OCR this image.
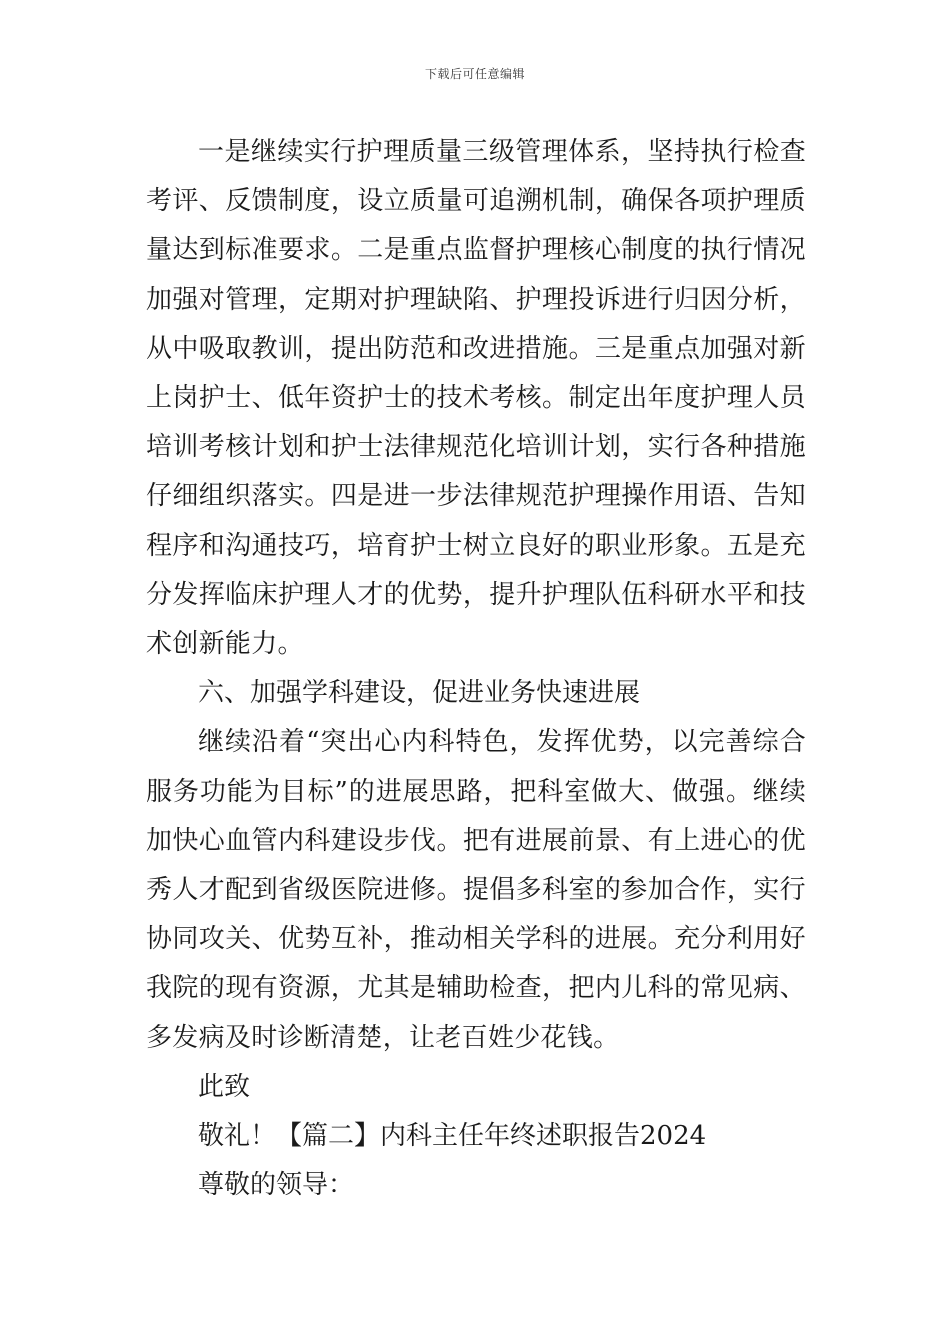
下载后可任意编辑

一是继续实行护理质量三级管理体系，坚持执行检查考评、反馈制度，设立质量可追溯机制，确保各项护理质量达到标准要求。二是重点监督护理核心制度的执行情况加强对管理，定期对护理缺陷、护理投诉进行归因分析，从中吸取教训，提出防范和改进措施。三是重点加强对新上岗护士、低年资护士的技术考核。制定出年度护理人员培训考核计划和护士法律规范化培训计划，实行各种措施仔细组织落实。四是进一步法律规范护理操作用语、告知程序和沟通技巧，培育护士树立良好的职业形象。五是充分发挥临床护理人才的优势，提升护理队伍科研水平和技术创新能力。

六、加强学科建设，促进业务快速进展

继续沿着“突出心内科特色，发挥优势，以完善综合服务功能为目标”的进展思路，把科室做大、做强。继续加快心血管内科建设步伐。把有进展前景、有上进心的优秀人才配到省级医院进修。提倡多科室的参加合作，实行协同攻关、优势互补，推动相关学科的进展。充分利用好我院的现有资源，尤其是辅助检查，把内儿科的常见病、多发病及时诊断清楚，让老百姓少花钱。

此致

敬礼！【篇二】内科主任年终述职报告2024

尊敬的领导：
